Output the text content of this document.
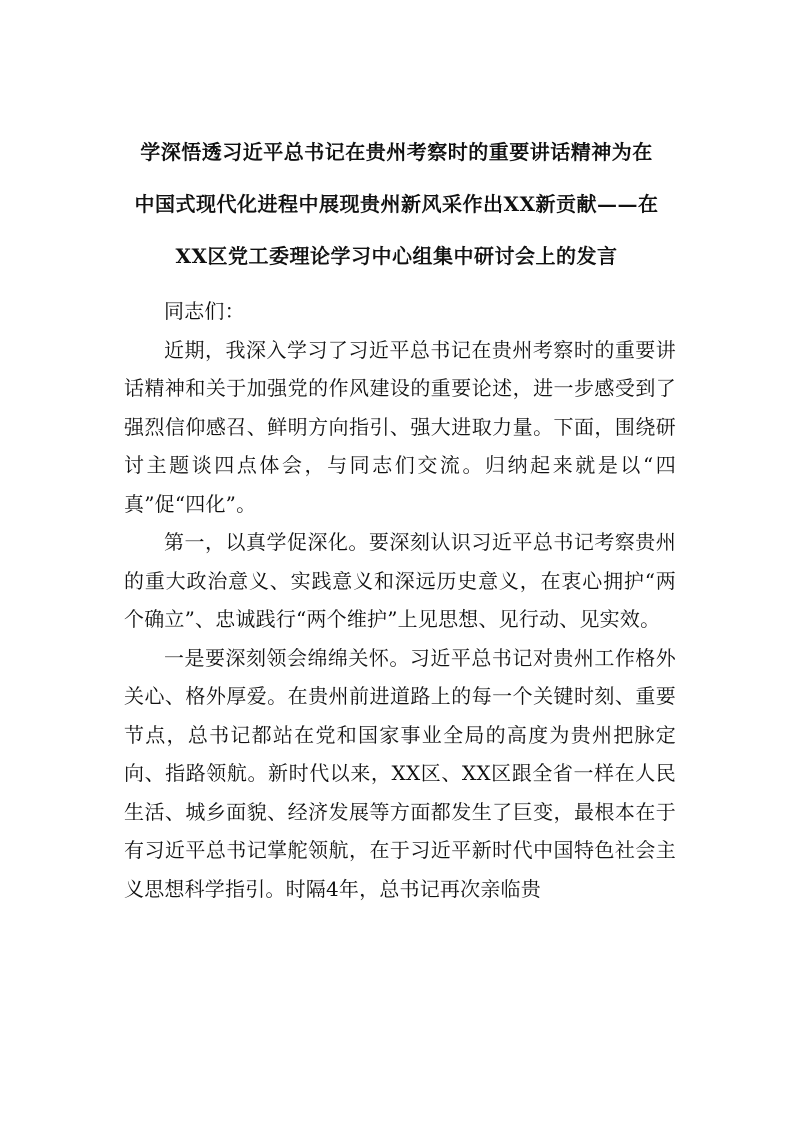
学深悟透习近平总书记在贵州考察时的重要讲话精神为在
中国式现代化进程中展现贵州新风采作出XX新贡献——在
XX区党工委理论学习中心组集中研讨会上的发言

同志们：

近期，我深入学习了习近平总书记在贵州考察时的重要讲话精神和关于加强党的作风建设的重要论述，进一步感受到了强烈信仰感召、鲜明方向指引、强大进取力量。下面，围绕研讨主题谈四点体会，与同志们交流。归纳起来就是以“四真”促“四化”。

第一，以真学促深化。要深刻认识习近平总书记考察贵州的重大政治意义、实践意义和深远历史意义，在衷心拥护“两个确立”、忠诚践行“两个维护”上见思想、见行动、见实效。

一是要深刻领会绵绵关怀。习近平总书记对贵州工作格外关心、格外厚爱。在贵州前进道路上的每一个关键时刻、重要节点，总书记都站在党和国家事业全局的高度为贵州把脉定向、指路领航。新时代以来，XX区、XX区跟全省一样在人民生活、城乡面貌、经济发展等方面都发生了巨变，最根本在于有习近平总书记掌舵领航，在于习近平新时代中国特色社会主义思想科学指引。时隔4年，总书记再次亲临贵
